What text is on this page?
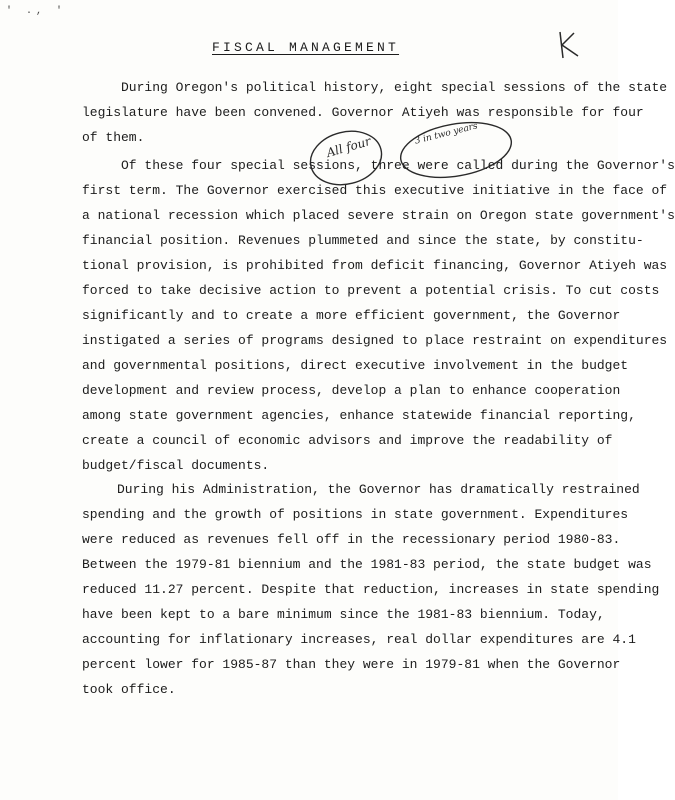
' ., '
FISCAL MANAGEMENT
During Oregon's political history, eight special sessions of the state
legislature have been convened. Governor Atiyeh was responsible for four
of them.
Of these four special sessions, three were called during the Governor's
first term. The Governor exercised this executive initiative in the face of
a national recession which placed severe strain on Oregon state government's
financial position. Revenues plummeted and since the state, by constitu-
tional provision, is prohibited from deficit financing, Governor Atiyeh was
forced to take decisive action to prevent a potential crisis. To cut costs
significantly and to create a more efficient government, the Governor
instigated a series of programs designed to place restraint on expenditures
and governmental positions, direct executive involvement in the budget
development and review process, develop a plan to enhance cooperation
among state government agencies, enhance statewide financial reporting,
create a council of economic advisors and improve the readability of
budget/fiscal documents.
During his Administration, the Governor has dramatically restrained
spending and the growth of positions in state government. Expenditures
were reduced as revenues fell off in the recessionary period 1980-83.
Between the 1979-81 biennium and the 1981-83 period, the state budget was
reduced 11.27 percent. Despite that reduction, increases in state spending
have been kept to a bare minimum since the 1981-83 biennium. Today,
accounting for inflationary increases, real dollar expenditures are 4.1
percent lower for 1985-87 than they were in 1979-81 when the Governor
took office.
All four
3 in two years
